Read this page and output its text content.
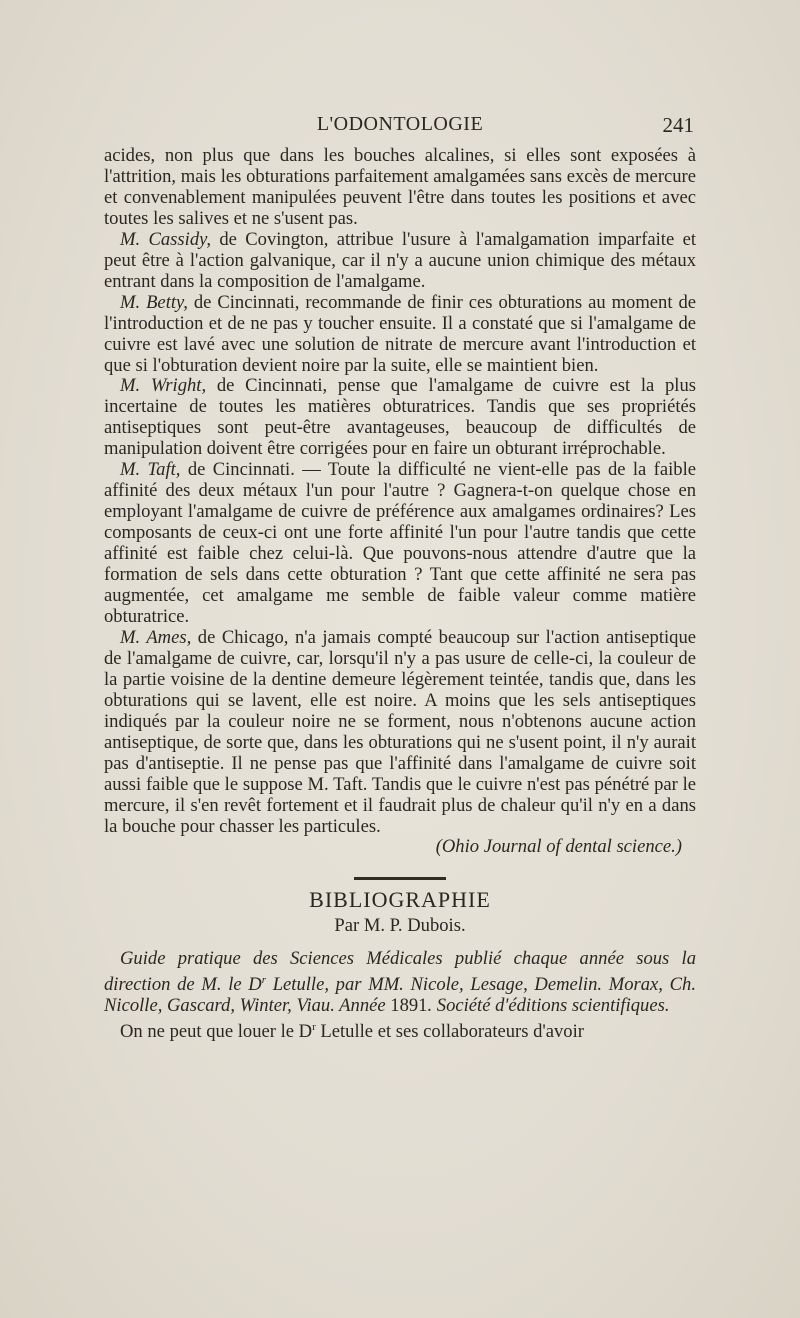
L'ODONTOLOGIE	241

acides, non plus que dans les bouches alcalines, si elles sont exposées à l'attrition, mais les obturations parfaitement amalgamées sans excès de mercure et convenablement manipulées peuvent l'être dans toutes les positions et avec toutes les salives et ne s'usent pas.

M. Cassidy, de Covington, attribue l'usure à l'amalgamation imparfaite et peut être à l'action galvanique, car il n'y a aucune union chimique des métaux entrant dans la composition de l'amalgame.

M. Betty, de Cincinnati, recommande de finir ces obturations au moment de l'introduction et de ne pas y toucher ensuite. Il a constaté que si l'amalgame de cuivre est lavé avec une solution de nitrate de mercure avant l'introduction et que si l'obturation devient noire par la suite, elle se maintient bien.

M. Wright, de Cincinnati, pense que l'amalgame de cuivre est la plus incertaine de toutes les matières obturatrices. Tandis que ses propriétés antiseptiques sont peut-être avantageuses, beaucoup de difficultés de manipulation doivent être corrigées pour en faire un obturant irréprochable.

M. Taft, de Cincinnati. — Toute la difficulté ne vient-elle pas de la faible affinité des deux métaux l'un pour l'autre ? Gagnera-t-on quelque chose en employant l'amalgame de cuivre de préférence aux amalgames ordinaires? Les composants de ceux-ci ont une forte affinité l'un pour l'autre tandis que cette affinité est faible chez celui-là. Que pouvons-nous attendre d'autre que la formation de sels dans cette obturation ? Tant que cette affinité ne sera pas augmentée, cet amalgame me semble de faible valeur comme matière obturatrice.

M. Ames, de Chicago, n'a jamais compté beaucoup sur l'action antiseptique de l'amalgame de cuivre, car, lorsqu'il n'y a pas usure de celle-ci, la couleur de la partie voisine de la dentine demeure légèrement teintée, tandis que, dans les obturations qui se lavent, elle est noire. A moins que les sels antiseptiques indiqués par la couleur noire ne se forment, nous n'obtenons aucune action antiseptique, de sorte que, dans les obturations qui ne s'usent point, il n'y aurait pas d'antiseptie. Il ne pense pas que l'affinité dans l'amalgame de cuivre soit aussi faible que le suppose M. Taft. Tandis que le cuivre n'est pas pénétré par le mercure, il s'en revêt fortement et il faudrait plus de chaleur qu'il n'y en a dans la bouche pour chasser les particules.

(Ohio Journal of dental science.)

BIBLIOGRAPHIE
Par M. P. Dubois.

Guide pratique des Sciences Médicales publié chaque année sous la direction de M. le $D^r$ Letulle, par MM. Nicole, Lesage, Demelin. Morax, Ch. Nicolle, Gascard, Winter, Viau. Année 1891. Société d'éditions scientifiques.

On ne peut que louer le $D^r$ Letulle et ses collaborateurs d'avoir
